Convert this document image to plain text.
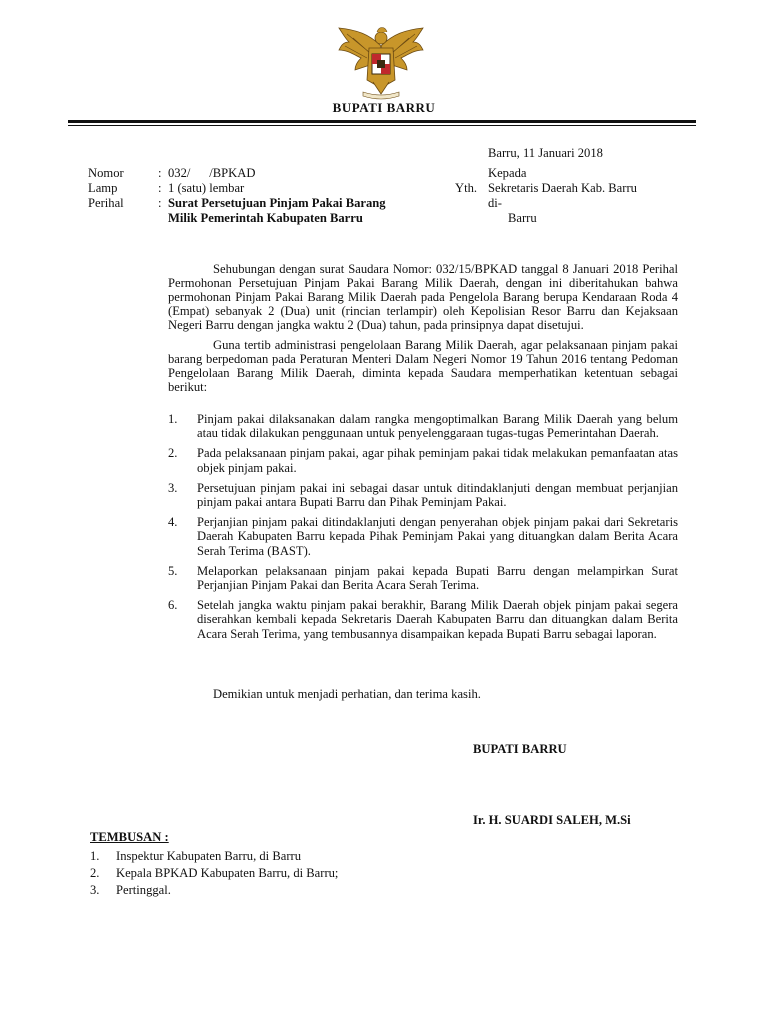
BUPATI BARRU
Barru, 11 Januari 2018
Nomor	: 032/      /BPKAD
Lamp	: 1 (satu) lembar
Perihal	: Surat Persetujuan Pinjam Pakai Barang Milik Pemerintah Kabupaten Barru
Kepada
Yth. Sekretaris Daerah Kab. Barru
di-
Barru

Sehubungan dengan surat Saudara Nomor: 032/15/BPKAD tanggal 8 Januari 2018 Perihal Permohonan Persetujuan Pinjam Pakai Barang Milik Daerah, dengan ini diberitahukan bahwa permohonan Pinjam Pakai Barang Milik Daerah pada Pengelola Barang berupa Kendaraan Roda 4 (Empat) sebanyak 2 (Dua) unit (rincian terlampir) oleh Kepolisian Resor Barru dan Kejaksaan Negeri Barru dengan jangka waktu 2 (Dua) tahun, pada prinsipnya dapat disetujui.

Guna tertib administrasi pengelolaan Barang Milik Daerah, agar pelaksanaan pinjam pakai barang berpedoman pada Peraturan Menteri Dalam Negeri Nomor 19 Tahun 2016 tentang Pedoman Pengelolaan Barang Milik Daerah, diminta kepada Saudara memperhatikan ketentuan sebagai berikut:

1.	Pinjam pakai dilaksanakan dalam rangka mengoptimalkan Barang Milik Daerah yang belum atau tidak dilakukan penggunaan untuk penyelenggaraan tugas-tugas Pemerintahan Daerah.
2.	Pada pelaksanaan pinjam pakai, agar pihak peminjam pakai tidak melakukan pemanfaatan atas objek pinjam pakai.
3.	Persetujuan pinjam pakai ini sebagai dasar untuk ditindaklanjuti dengan membuat perjanjian pinjam pakai antara Bupati Barru dan Pihak Peminjam Pakai.
4.	Perjanjian pinjam pakai ditindaklanjuti dengan penyerahan objek pinjam pakai dari Sekretaris Daerah Kabupaten Barru kepada Pihak Peminjam Pakai yang dituangkan dalam Berita Acara Serah Terima (BAST).
5.	Melaporkan pelaksanaan pinjam pakai kepada Bupati Barru dengan melampirkan Surat Perjanjian Pinjam Pakai dan Berita Acara Serah Terima.
6.	Setelah jangka waktu pinjam pakai berakhir, Barang Milik Daerah objek pinjam pakai segera diserahkan kembali kepada Sekretaris Daerah Kabupaten Barru dan dituangkan dalam Berita Acara Serah Terima, yang tembusannya disampaikan kepada Bupati Barru sebagai laporan.
Demikian untuk menjadi perhatian, dan terima kasih.
BUPATI BARRU
Ir. H. SUARDI SALEH, M.Si
TEMBUSAN :
1.	Inspektur Kabupaten Barru, di Barru
2.	Kepala BPKAD Kabupaten Barru, di Barru;
3.	Pertinggal.
